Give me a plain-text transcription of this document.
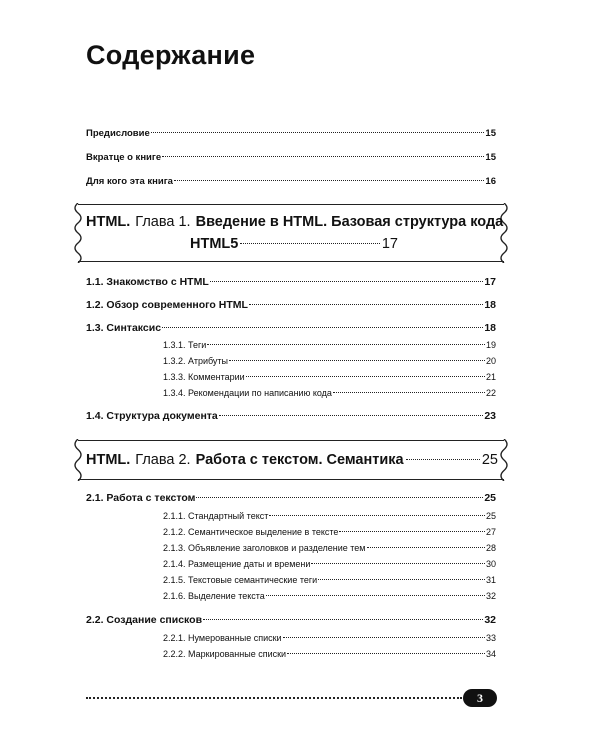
Содержание
Предисловие	15
Вкратце о книге	15
Для кого эта книга	16
HTML. Глава 1. Введение в HTML. Базовая структура кода
HTML5	17
1.1. Знакомство с HTML	17
1.2. Обзор современного HTML	18
1.3. Синтаксис	18
1.3.1. Теги	19
1.3.2. Атрибуты	20
1.3.3. Комментарии	21
1.3.4. Рекомендации по написанию кода	22
1.4. Структура документа	23
HTML. Глава 2. Работа с текстом. Семантика	25
2.1. Работа с текстом	25
2.1.1. Стандартный текст	25
2.1.2. Семантическое выделение в тексте	27
2.1.3. Объявление заголовков и разделение тем	28
2.1.4. Размещение даты и времени	30
2.1.5. Текстовые семантические теги	31
2.1.6. Выделение текста	32
2.2. Создание списков	32
2.2.1. Нумерованные списки	33
2.2.2. Маркированные списки	34
3
